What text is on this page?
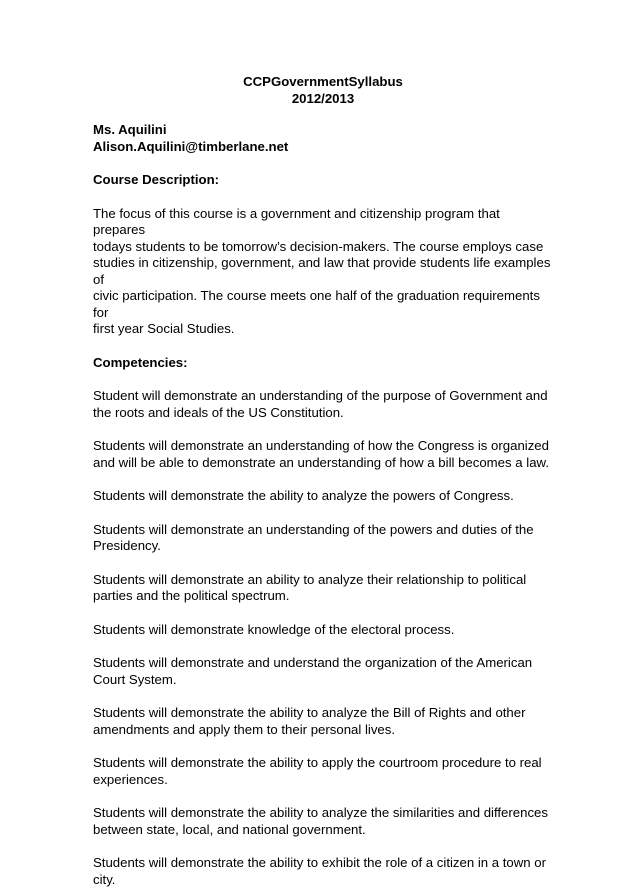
CCPGovernmentSyllabus
2012/2013
Ms. Aquilini
Alison.Aquilini@timberlane.net
Course Description:
The focus of this course is a government and citizenship program that prepares
todays students to be tomorrow’s decision-makers. The course employs case
studies in citizenship, government, and law that provide students life examples of
civic participation. The course meets one half of the graduation requirements for
first year Social Studies.
Competencies:
Student will demonstrate an understanding of the purpose of Government and
the roots and ideals of the US Constitution.
Students will demonstrate an understanding of how the Congress is organized
and will be able to demonstrate an understanding of how a bill becomes a law.
Students will demonstrate the ability to analyze the powers of Congress.
Students will demonstrate an understanding of the powers and duties of the
Presidency.
Students will demonstrate an ability to analyze their relationship to political
parties and the political spectrum.
Students will demonstrate knowledge of the electoral process.
Students will demonstrate and understand the organization of the American
Court System.
Students will demonstrate the ability to analyze the Bill of Rights and other
amendments and apply them to their personal lives.
Students will demonstrate the ability to apply the courtroom procedure to real
experiences.
Students will demonstrate the ability to analyze the similarities and differences
between state, local, and national government.
Students will demonstrate the ability to exhibit the role of a citizen in a town or
city.
